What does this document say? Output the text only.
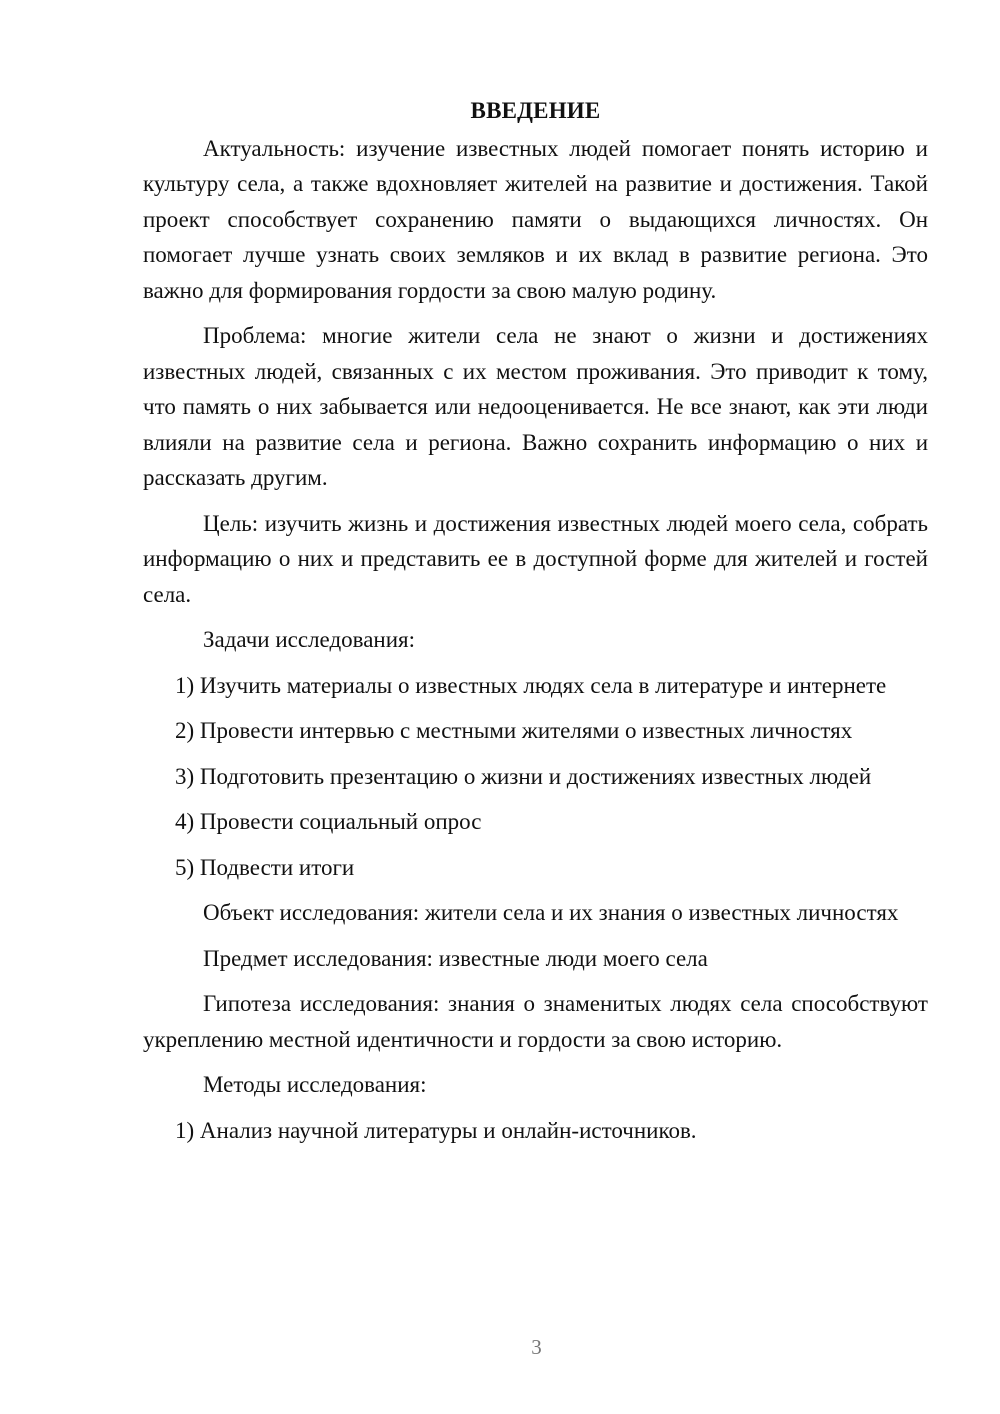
ВВЕДЕНИЕ

Актуальность: изучение известных людей помогает понять историю и культуру села, а также вдохновляет жителей на развитие и достижения. Такой проект способствует сохранению памяти о выдающихся личностях. Он помогает лучше узнать своих земляков и их вклад в развитие региона. Это важно для формирования гордости за свою малую родину.

Проблема: многие жители села не знают о жизни и достижениях известных людей, связанных с их местом проживания. Это приводит к тому, что память о них забывается или недооценивается. Не все знают, как эти люди влияли на развитие села и региона. Важно сохранить информацию о них и рассказать другим.

Цель: изучить жизнь и достижения известных людей моего села, собрать информацию о них и представить ее в доступной форме для жителей и гостей села.

Задачи исследования:

1) Изучить материалы о известных людях села в литературе и интернете

2) Провести интервью с местными жителями о известных личностях

3) Подготовить презентацию о жизни и достижениях известных людей

4) Провести социальный опрос

5) Подвести итоги

Объект исследования: жители села и их знания о известных личностях

Предмет исследования: известные люди моего села

Гипотеза исследования: знания о знаменитых людях села способствуют укреплению местной идентичности и гордости за свою историю.

Методы исследования:

1) Анализ научной литературы и онлайн-источников.

3
